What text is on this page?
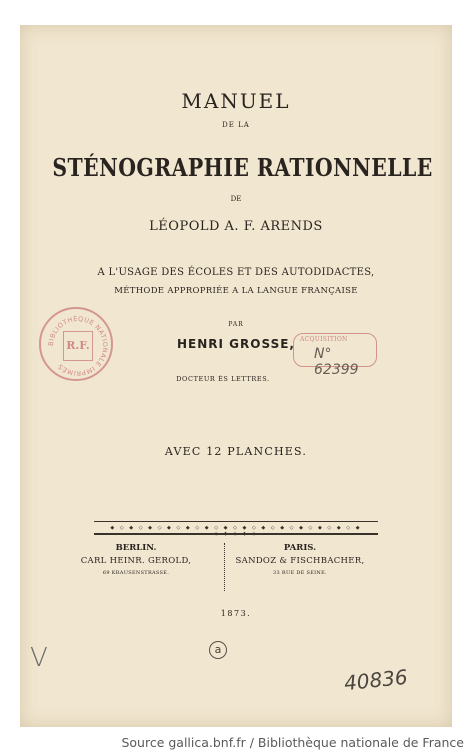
MANUEL
DE LA
STÉNOGRAPHIE RATIONNELLE
DE
LÉOPOLD A. F. ARENDS
A L'USAGE DES ÉCOLES ET DES AUTODIDACTES,
MÉTHODE APPROPRIÉE A LA LANGUE FRANÇAISE
PAR
HENRI GROSSE,
DOCTEUR ÈS LETTRES.
AVEC 12 PLANCHES.
◆ ◇ ◆ ◇ ◆ ◇ ◆ ◇ ◆ ◇ ◆ ◇ ◆ ◇ ◆ ◇ ◆ ◇ ◆ ◇ ◆ ◇ ◆ ◇ ◆ ◇ ◆ ◇ ◆ ◇ ◆ ◇
BERLIN.
CARL HEINR. GEROLD,
69 KRAUSENSTRASSE.
PARIS.
SANDOZ & FISCHBACHER,
33 RUE DE SEINE.
1873.
BIBLIOTHÈQUE NATIONALE IMPRIMÉS
R.F.	ACQUISITION
N° 62399
V	a
40836
Source gallica.bnf.fr / Bibliothèque nationale de France
